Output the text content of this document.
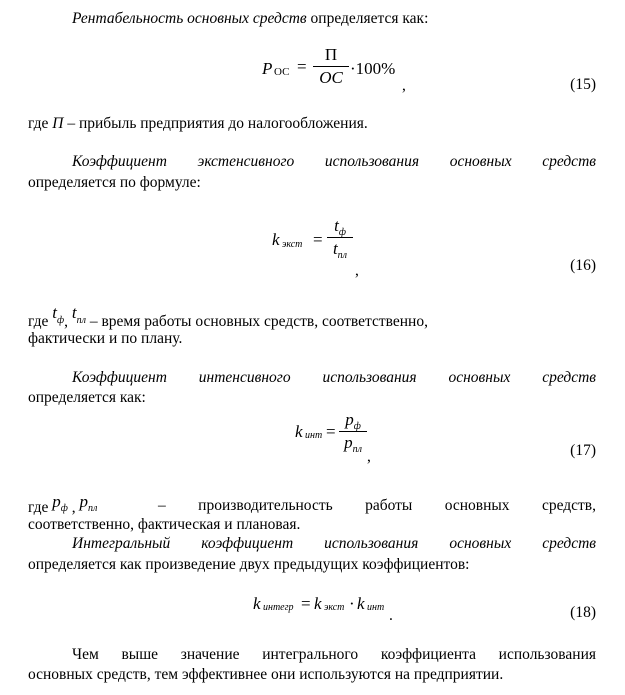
Рентабельность основных средств определяется как:
P ОС =
П
ОС ·100%
,	(15)
где П – прибыль предприятия до налогообложения.
Коэффициент экстенсивного использования основных средств
определяется по формуле:
k экст =
$t_ф$
$t_{пл}$
,	(16)
где tф, tпл – время работы основных средств, соответственно,
фактически и по плану.
Коэффициент интенсивного использования основных средств
определяется как:
k инт =
$p_ф$
$p_{пл}$ ,	(17)
где pф , pпл	– производительность работы основных средств,
соответственно, фактическая и плановая.
Интегральный коэффициент использования основных средств
определяется как произведение двух предыдущих коэффициентов:
k интегр = k экст · k инт .	(18)
Чем выше значение интегрального коэффициента использования
основных средств, тем эффективнее они используются на предприятии.
